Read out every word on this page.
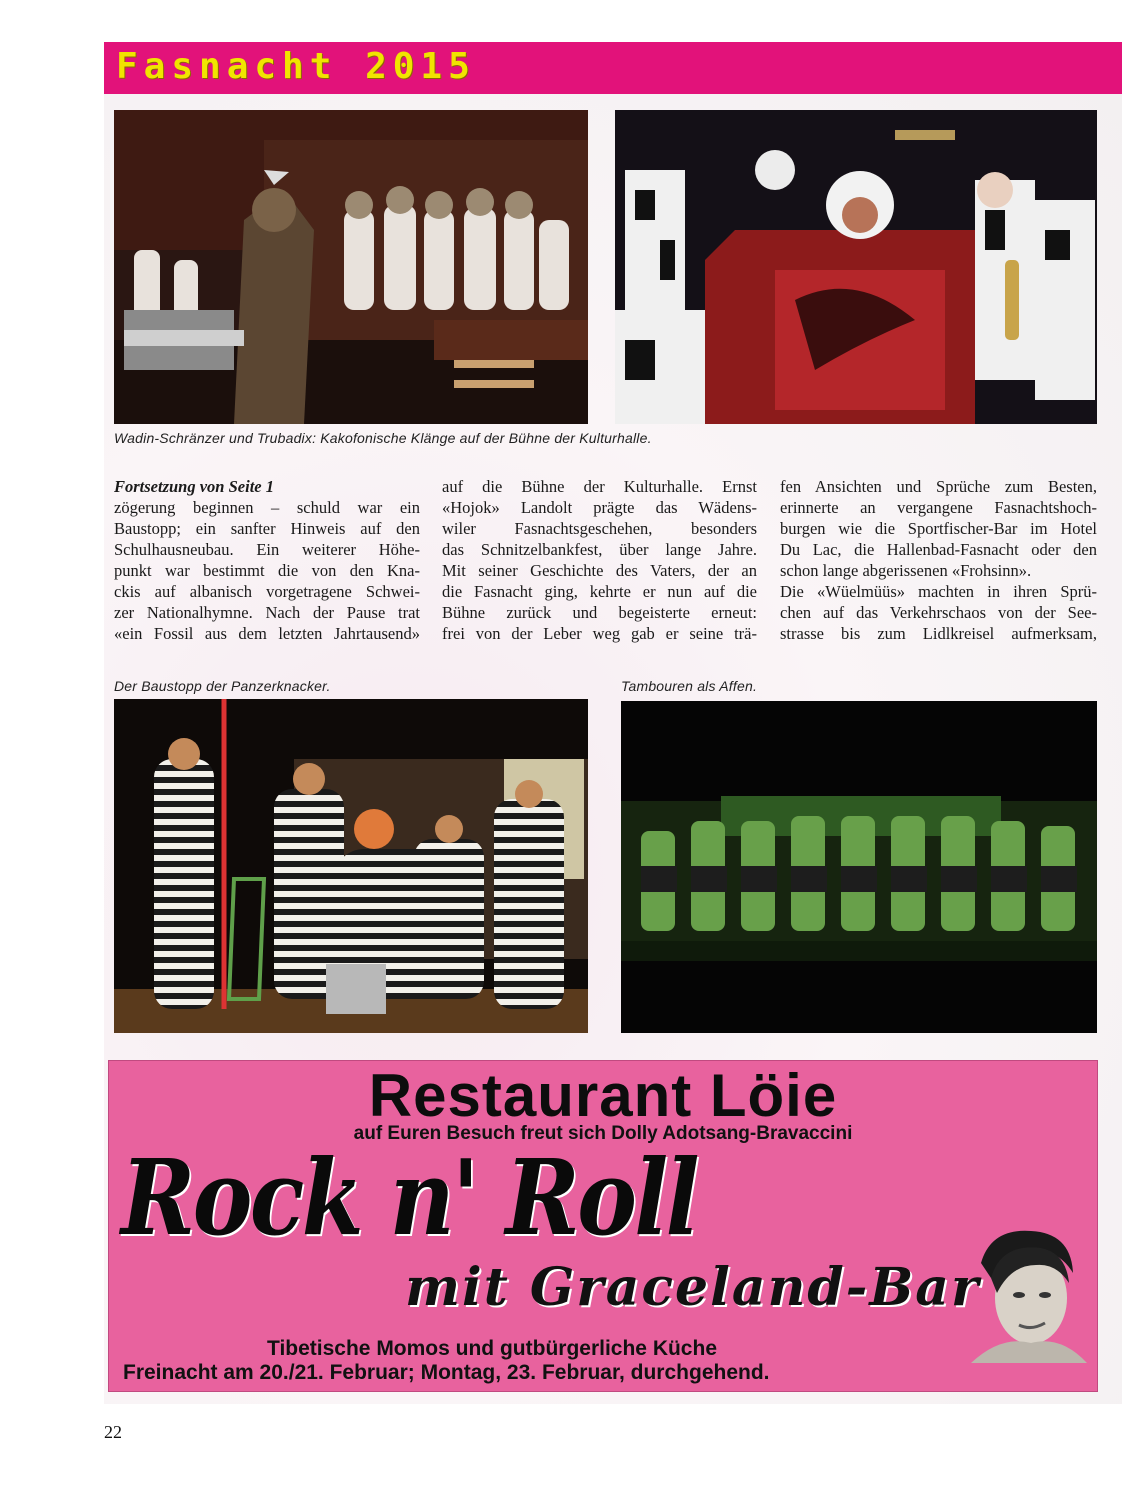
Fasnacht 2015
Wadin-Schränzer und Trubadix: Kakofonische Klänge auf der Bühne der Kulturhalle.
Fortsetzung von Seite 1
zögerung beginnen – schuld war ein
Baustopp; ein sanfter Hinweis auf den
Schulhausneubau. Ein weiterer Höhe-
punkt war bestimmt die von den Kna-
ckis auf albanisch vorgetragene Schwei-
zer Nationalhymne. Nach der Pause trat
«ein Fossil aus dem letzten Jahrtausend»
auf die Bühne der Kulturhalle. Ernst
«Hojok» Landolt prägte das Wädens-
wiler Fasnachtsgeschehen, besonders
das Schnitzelbankfest, über lange Jahre.
Mit seiner Geschichte des Vaters, der an
die Fasnacht ging, kehrte er nun auf die
Bühne zurück und begeisterte erneut:
frei von der Leber weg gab er seine trä-
fen Ansichten und Sprüche zum Besten,
erinnerte an vergangene Fasnachtshoch-
burgen wie die Sportfischer-Bar im Hotel
Du Lac, die Hallenbad-Fasnacht oder den
schon lange abgerissenen «Frohsinn».
Die «Wüelmüüs» machten in ihren Sprü-
chen auf das Verkehrschaos von der See-
strasse bis zum Lidlkreisel aufmerksam,
Der Baustopp der Panzerknacker.	Tambouren als Affen.
Restaurant Löie
auf Euren Besuch freut sich Dolly Adotsang-Bravaccini
Rock n' Roll
mit Graceland-Bar
Tibetische Momos und gutbürgerliche Küche
Freinacht am 20./21. Februar; Montag, 23. Februar, durchgehend.
22
